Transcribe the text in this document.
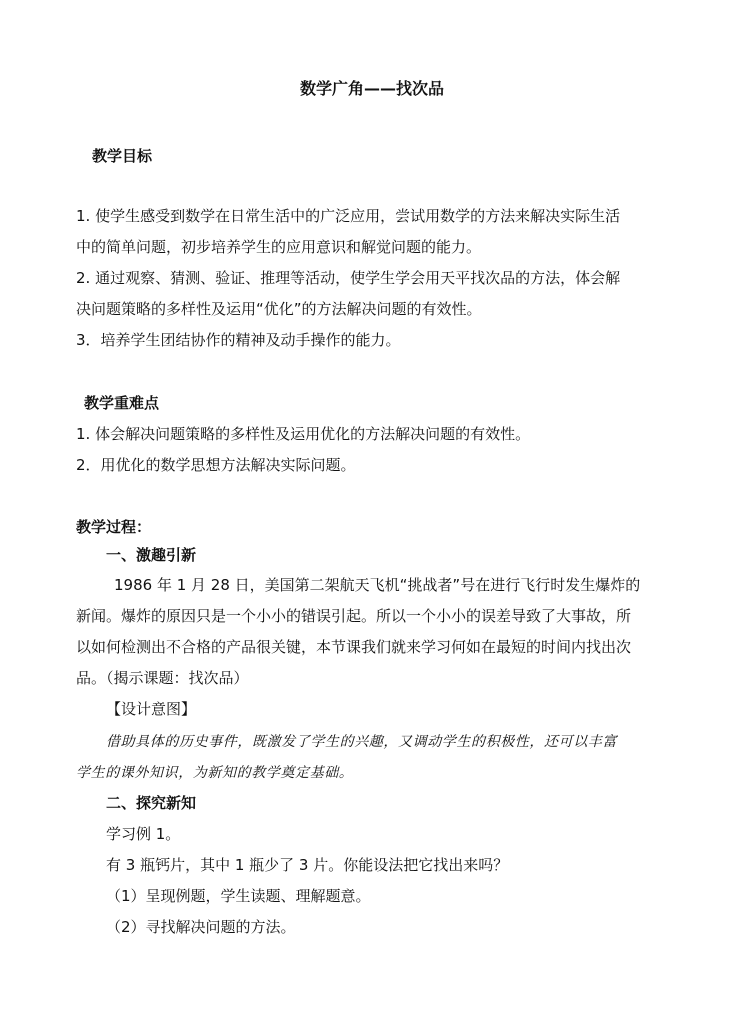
数学广角——找次品

教学目标

1. 使学生感受到数学在日常生活中的广泛应用，尝试用数学的方法来解决实际生活

中的简单问题，初步培养学生的应用意识和解觉问题的能力。

2. 通过观察、猜测、验证、推理等活动，使学生学会用天平找次品的方法，体会解

决问题策略的多样性及运用“优化”的方法解决问题的有效性。

3．培养学生团结协作的精神及动手操作的能力。

教学重难点

1. 体会解决问题策略的多样性及运用优化的方法解决问题的有效性。

2．用优化的数学思想方法解决实际问题。

教学过程：

一、激趣引新

1986 年 1 月 28 日，美国第二架航天飞机“挑战者”号在进行飞行时发生爆炸的

新闻。爆炸的原因只是一个小小的错误引起。所以一个小小的误差导致了大事故，所

以如何检测出不合格的产品很关键，本节课我们就来学习何如在最短的时间内找出次

品。（揭示课题：找次品）

【设计意图】

借助具体的历史事件，既激发了学生的兴趣，又调动学生的积极性，还可以丰富

学生的课外知识，为新知的教学奠定基础。

二、探究新知

学习例 1。

有 3 瓶钙片，其中 1 瓶少了 3 片。你能设法把它找出来吗？

（1）呈现例题，学生读题、理解题意。

（2）寻找解决问题的方法。
